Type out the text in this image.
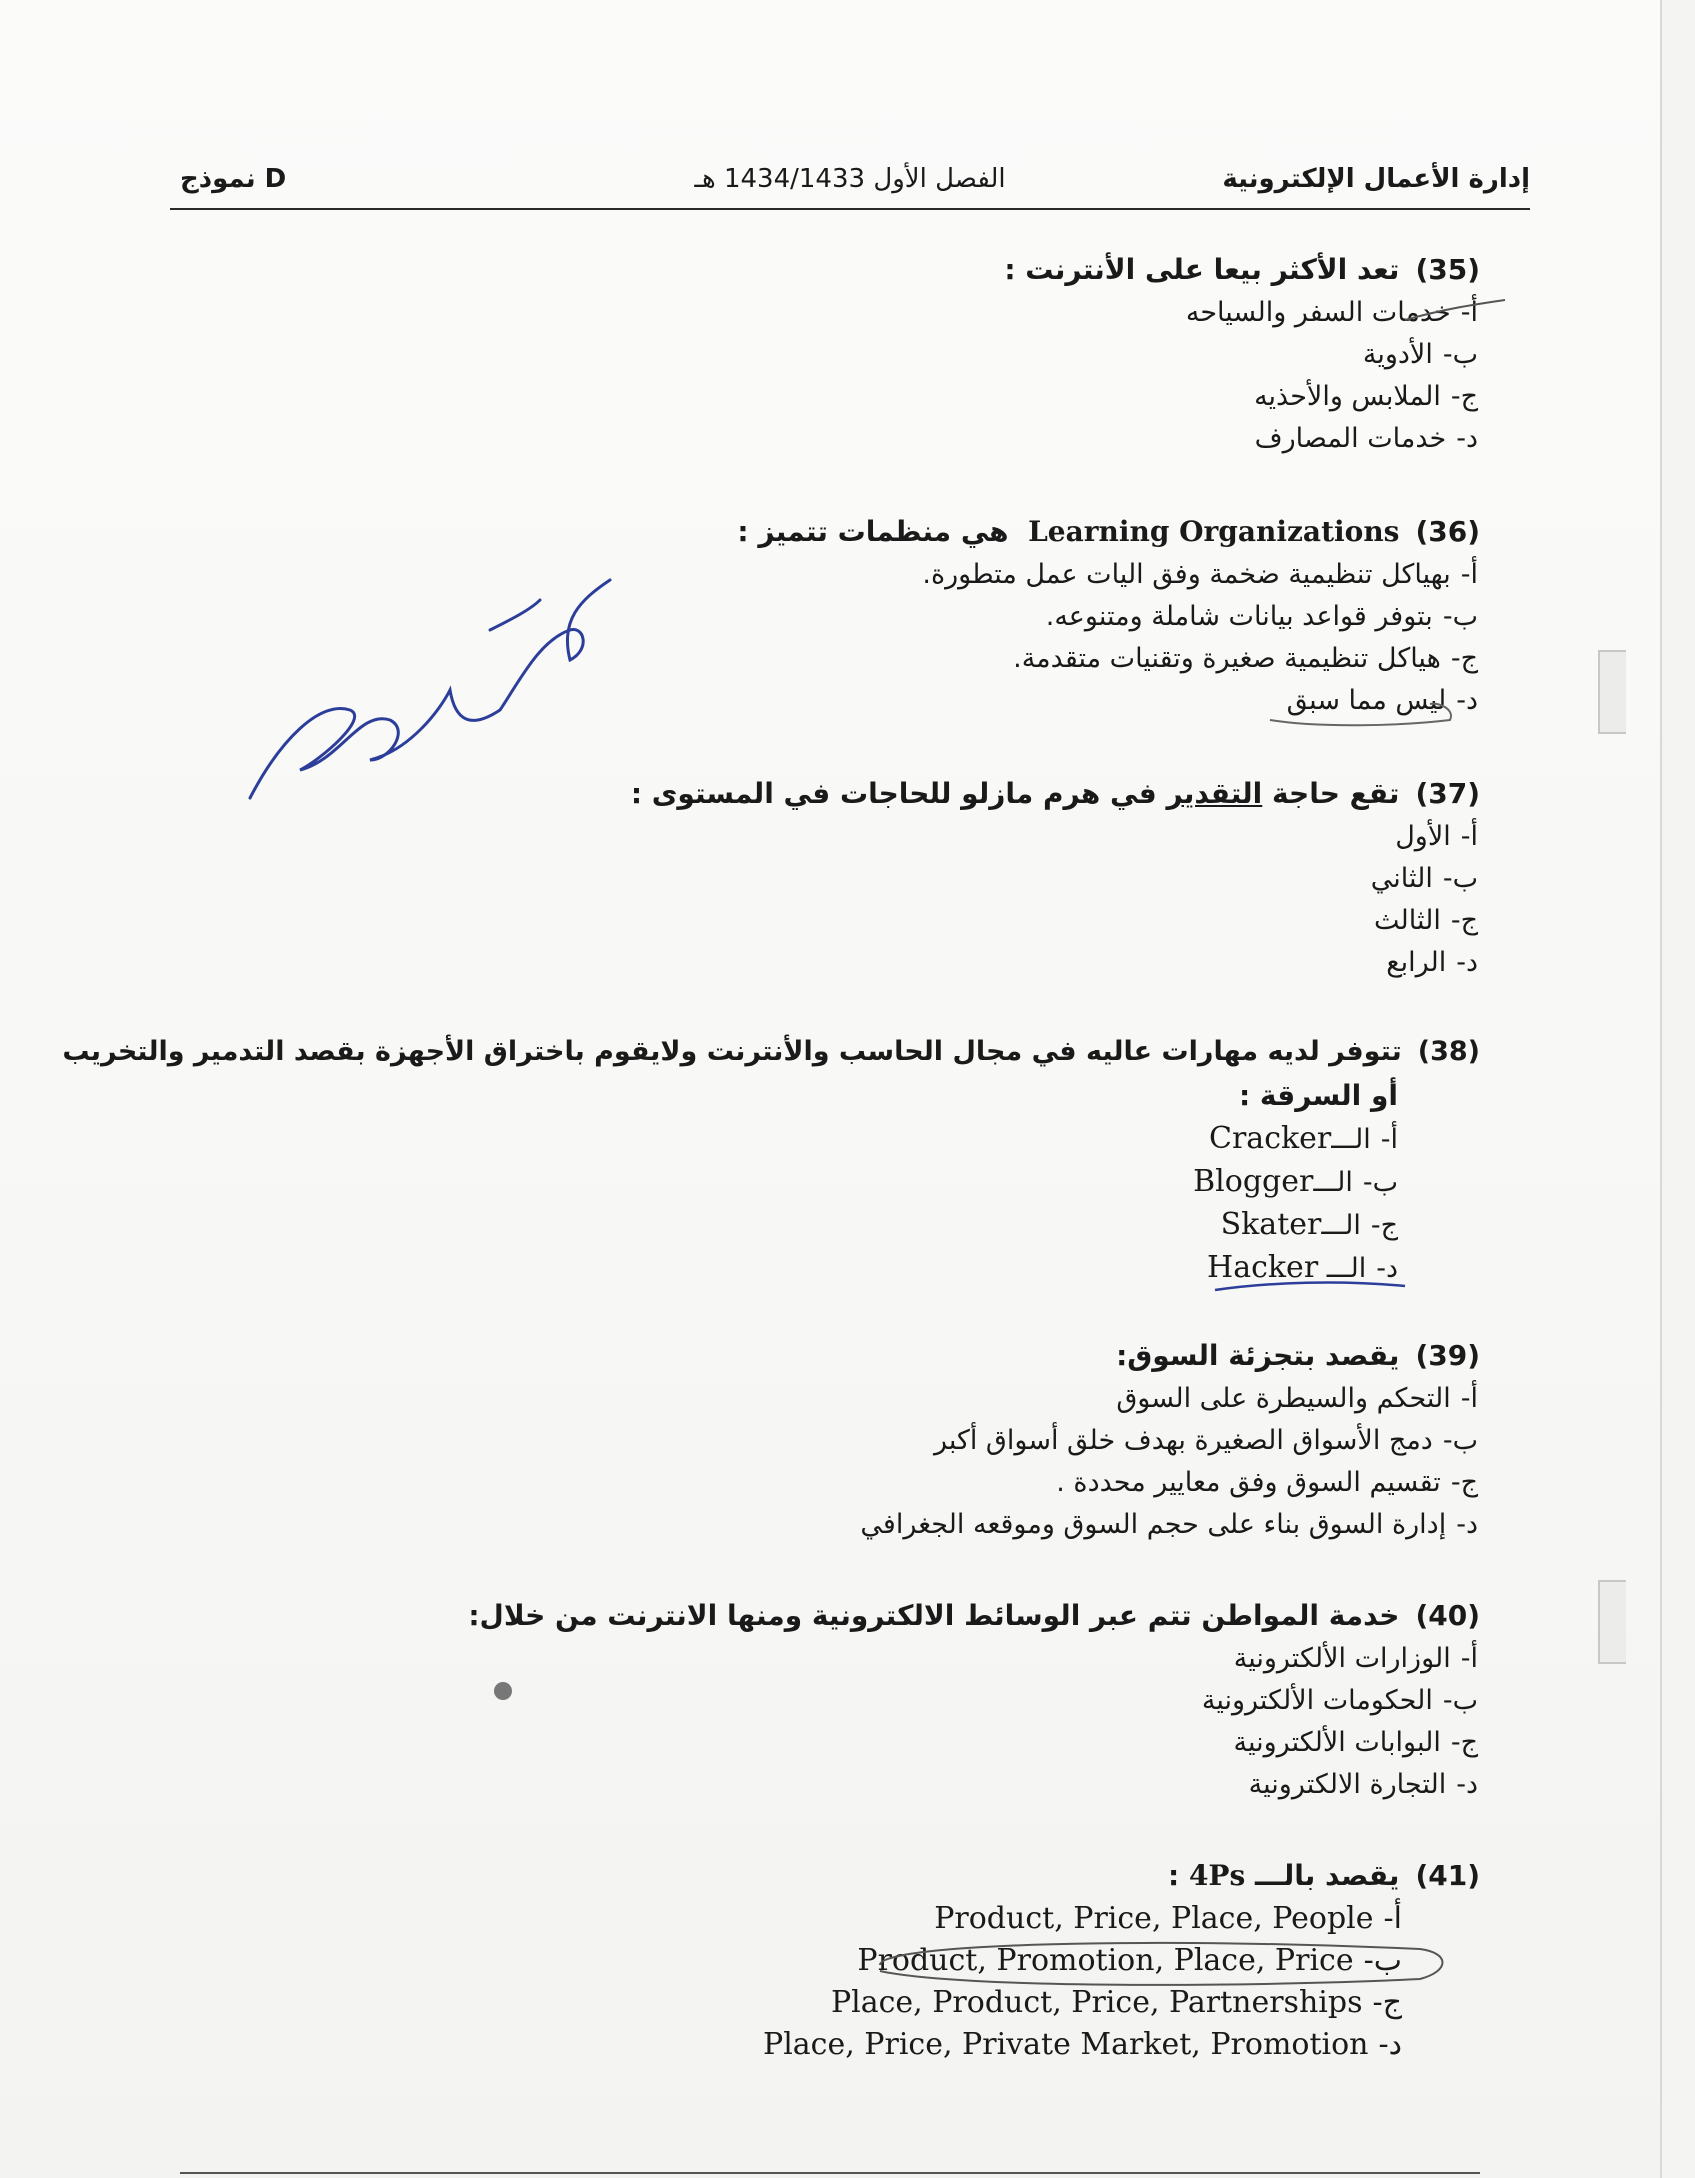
إدارة الأعمال الإلكترونية
الفصل الأول 1434/1433 هـ
نموذج D
(35)تعد الأكثر بيعا على الأنترنت :
أ-خدمات السفر والسياحه
ب-الأدوية
ج-الملابس والأحذيه
د-خدمات المصارف
(36)Learning Organizations  هي منظمات تتميز :
أ-بهياكل تنظيمية ضخمة وفق اليات عمل متطورة.
ب-بتوفر قواعد بيانات شاملة ومتنوعه.
ج-هياكل تنظيمية صغيرة وتقنيات متقدمة.
د-ليس مما سبق
(37)تقع حاجة التقدير في هرم مازلو للحاجات في المستوى :
أ-الأول
ب-الثاني
ج-الثالث
د-الرابع
(38)تتوفر لديه مهارات عاليه في مجال الحاسب والأنترنت ولايقوم باختراق الأجهزة بقصد التدمير والتخريب
أو السرقة :
أ-الـــCracker
ب-الـــBlogger
ج-الـــSkater
د-الـــ Hacker
(39)يقصد بتجزئة السوق:
أ-التحكم والسيطرة على السوق
ب-دمج الأسواق الصغيرة بهدف خلق أسواق أكبر
ج-تقسيم السوق وفق معايير محددة .
د-إدارة السوق بناء على حجم السوق وموقعه الجغرافي
(40)خدمة المواطن تتم عبر الوسائط الالكترونية ومنها الانترنت من خلال:
أ-الوزارات الألكترونية
ب-الحكومات الألكترونية
ج-البوابات الألكترونية
د-التجارة الالكترونية
(41)يقصد بالـــ 4Ps :
أ-Product, Price, Place, People
ب-Product, Promotion, Place, Price
ج-Place, Product, Price, Partnerships
د-Place, Price, Private Market, Promotion
